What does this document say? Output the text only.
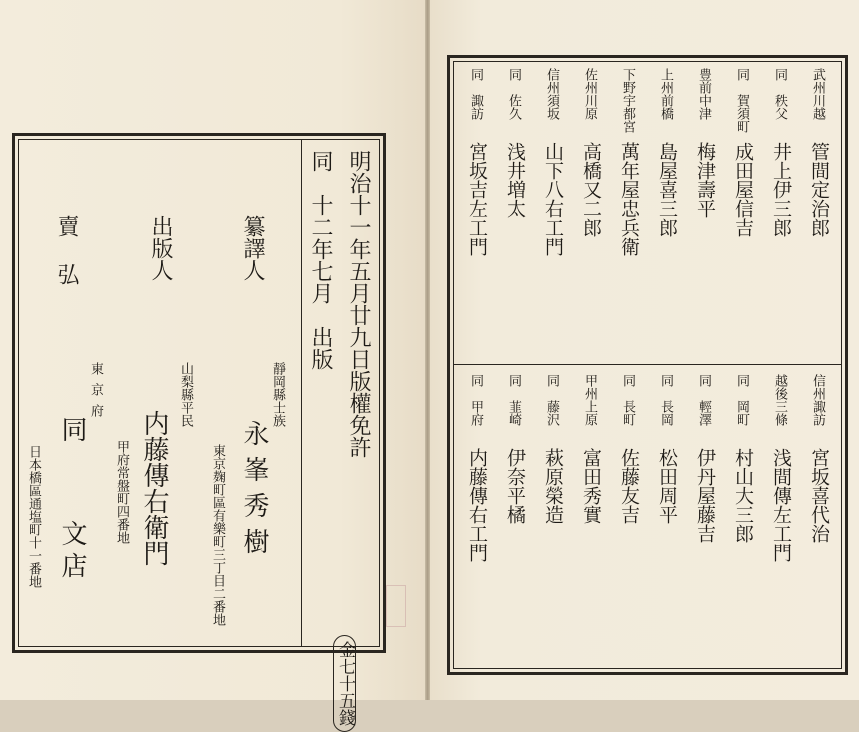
明治十一年五月廿九日版權免許
同　十二年七月　出版
金七十五錢
纂譯人
靜岡縣士族
永峯秀樹
東京麹町區有樂町三丁目二番地
出版人
山梨縣平民
内藤傳右衛門
甲府常盤町四番地
賣弘
東京府
同
文店
日本橋區通塩町十一番地
武州川越
管間定治郎
同　秩父
井上伊三郎
同　賀須町
成田屋信吉
豊前中津
梅津壽平
上州前橋
島屋喜三郎
下野宇都宮
萬年屋忠兵衛
佐州川原
高橋又二郎
信州須坂
山下八右工門
同　佐久
浅井増太
同　諏訪
宮坂吉左工門
信州諏訪
宮坂喜代治
越後三條
浅間傳左工門
同　岡町
村山大三郎
同　輕澤
伊丹屋藤吉
同　長岡
松田周平
同　長町
佐藤友吉
甲州上原
富田秀實
同　藤沢
萩原榮造
同　韮崎
伊奈平橘
同　甲府
内藤傳右工門
